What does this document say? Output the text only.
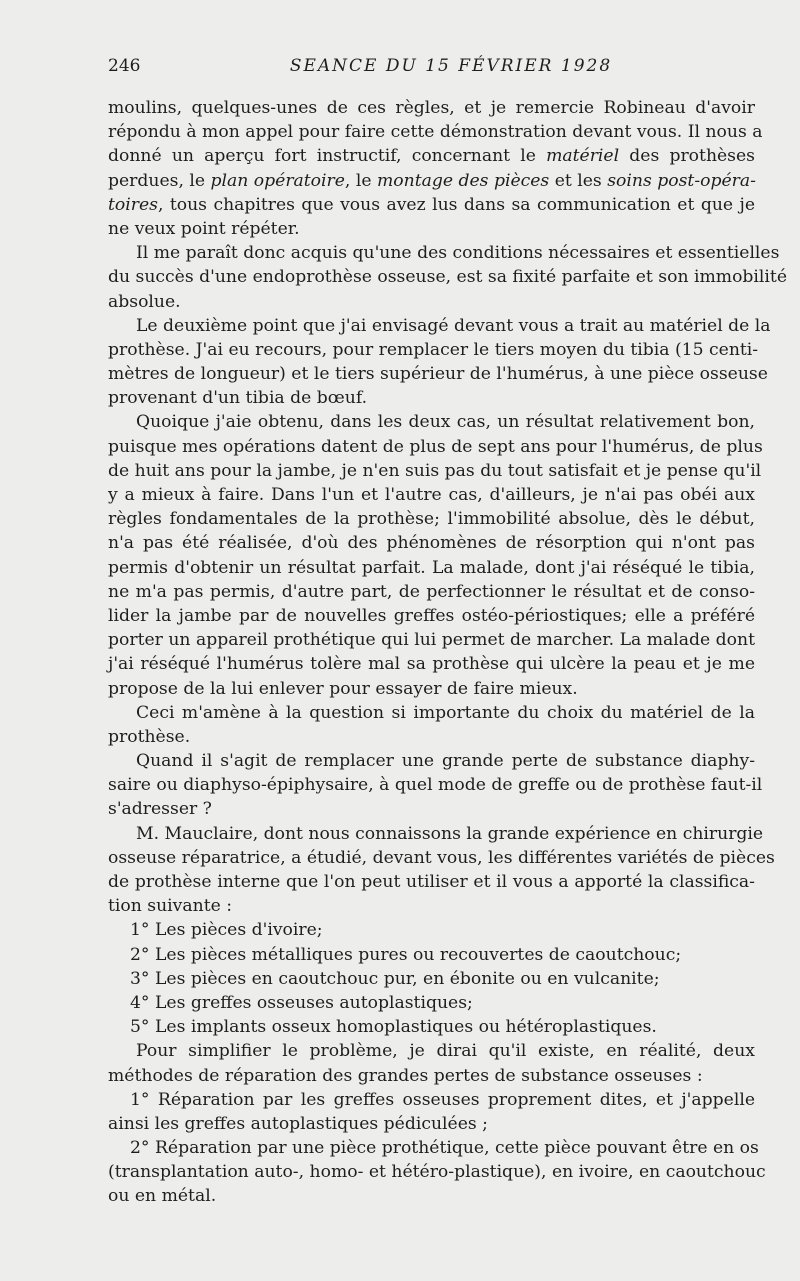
246	SEANCE DU 15 FÉVRIER 1928
moulins, quelques-unes de ces règles, et je remercie Robineau d'avoir
répondu à mon appel pour faire cette démonstration devant vous. Il nous a
donné un aperçu fort instructif, concernant le matériel des prothèses
perdues, le plan opératoire, le montage des pièces et les soins post-opéra-
toires, tous chapitres que vous avez lus dans sa communication et que je
ne veux point répéter.
Il me paraît donc acquis qu'une des conditions nécessaires et essentielles
du succès d'une endoprothèse osseuse, est sa fixité parfaite et son immobilité
absolue.
Le deuxième point que j'ai envisagé devant vous a trait au matériel de la
prothèse. J'ai eu recours, pour remplacer le tiers moyen du tibia (15 centi-
mètres de longueur) et le tiers supérieur de l'humérus, à une pièce osseuse
provenant d'un tibia de bœuf.
Quoique j'aie obtenu, dans les deux cas, un résultat relativement bon,
puisque mes opérations datent de plus de sept ans pour l'humérus, de plus
de huit ans pour la jambe, je n'en suis pas du tout satisfait et je pense qu'il
y a mieux à faire. Dans l'un et l'autre cas, d'ailleurs, je n'ai pas obéi aux
règles fondamentales de la prothèse; l'immobilité absolue, dès le début,
n'a pas été réalisée, d'où des phénomènes de résorption qui n'ont pas
permis d'obtenir un résultat parfait. La malade, dont j'ai réséqué le tibia,
ne m'a pas permis, d'autre part, de perfectionner le résultat et de conso-
lider la jambe par de nouvelles greffes ostéo-périostiques; elle a préféré
porter un appareil prothétique qui lui permet de marcher. La malade dont
j'ai réséqué l'humérus tolère mal sa prothèse qui ulcère la peau et je me
propose de la lui enlever pour essayer de faire mieux.
Ceci m'amène à la question si importante du choix du matériel de la
prothèse.
Quand il s'agit de remplacer une grande perte de substance diaphy-
saire ou diaphyso-épiphysaire, à quel mode de greffe ou de prothèse faut-il
s'adresser ?
M. Mauclaire, dont nous connaissons la grande expérience en chirurgie
osseuse réparatrice, a étudié, devant vous, les différentes variétés de pièces
de prothèse interne que l'on peut utiliser et il vous a apporté la classifica-
tion suivante :
1° Les pièces d'ivoire;
2° Les pièces métalliques pures ou recouvertes de caoutchouc;
3° Les pièces en caoutchouc pur, en ébonite ou en vulcanite;
4° Les greffes osseuses autoplastiques;
5° Les implants osseux homoplastiques ou hétéroplastiques.
Pour simplifier le problème, je dirai qu'il existe, en réalité, deux
méthodes de réparation des grandes pertes de substance osseuses :
1° Réparation par les greffes osseuses proprement dites, et j'appelle
ainsi les greffes autoplastiques pédiculées ;
2° Réparation par une pièce prothétique, cette pièce pouvant être en os
(transplantation auto-, homo- et hétéro-plastique), en ivoire, en caoutchouc
ou en métal.
